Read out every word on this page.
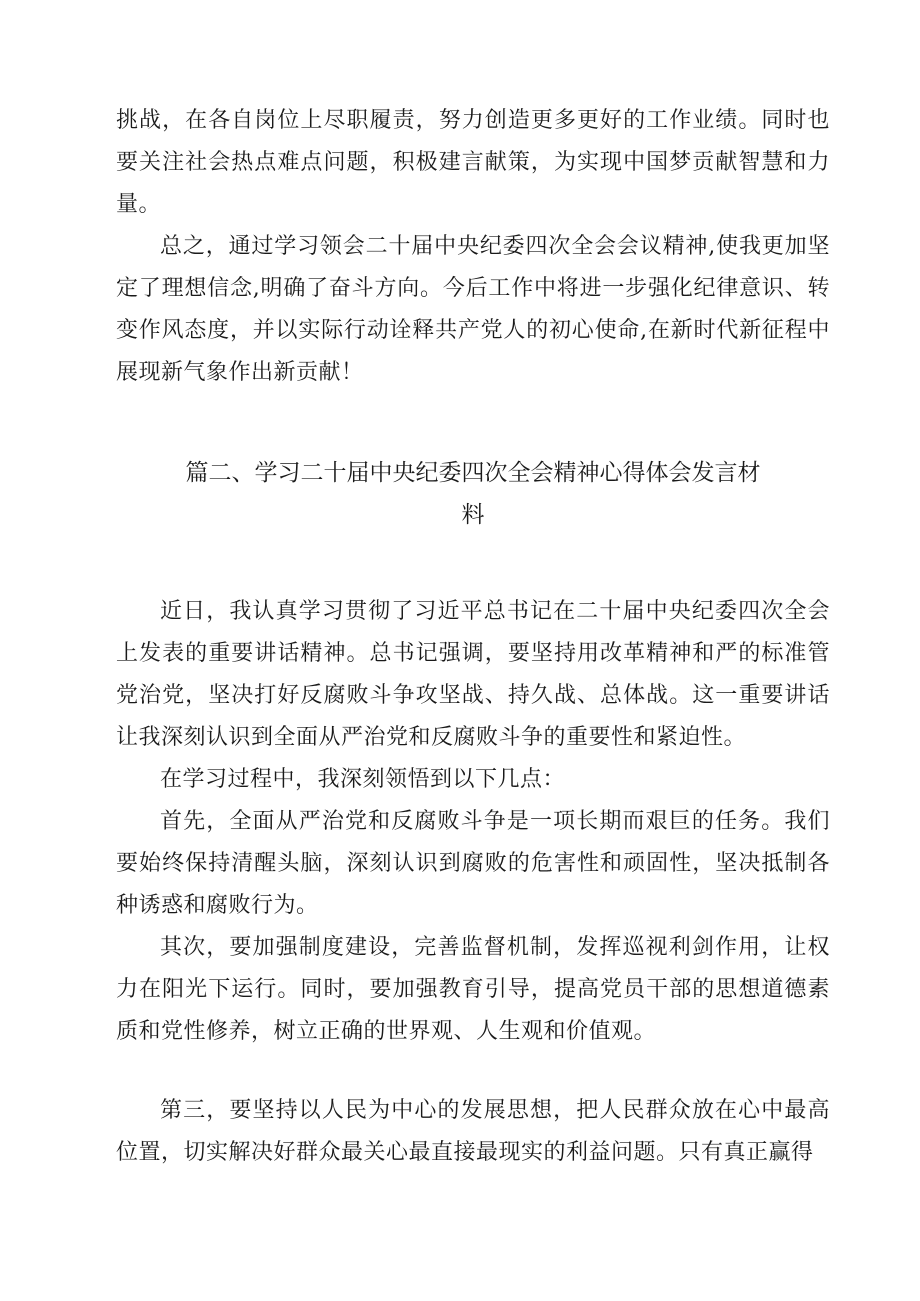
挑战，在各自岗位上尽职履责，努力创造更多更好的工作业绩。同时也要关注社会热点难点问题，积极建言献策，为实现中国梦贡献智慧和力量。

总之，通过学习领会二十届中央纪委四次全会会议精神,使我更加坚定了理想信念,明确了奋斗方向。今后工作中将进一步强化纪律意识、转变作风态度，并以实际行动诠释共产党人的初心使命,在新时代新征程中展现新气象作出新贡献！

篇二、学习二十届中央纪委四次全会精神心得体会发言材
料

近日，我认真学习贯彻了习近平总书记在二十届中央纪委四次全会上发表的重要讲话精神。总书记强调，要坚持用改革精神和严的标准管党治党，坚决打好反腐败斗争攻坚战、持久战、总体战。这一重要讲话让我深刻认识到全面从严治党和反腐败斗争的重要性和紧迫性。

在学习过程中，我深刻领悟到以下几点：

首先，全面从严治党和反腐败斗争是一项长期而艰巨的任务。我们要始终保持清醒头脑，深刻认识到腐败的危害性和顽固性，坚决抵制各种诱惑和腐败行为。

其次，要加强制度建设，完善监督机制，发挥巡视利剑作用，让权力在阳光下运行。同时，要加强教育引导，提高党员干部的思想道德素质和党性修养，树立正确的世界观、人生观和价值观。

第三，要坚持以人民为中心的发展思想，把人民群众放在心中最高位置，切实解决好群众最关心最直接最现实的利益问题。只有真正赢得
